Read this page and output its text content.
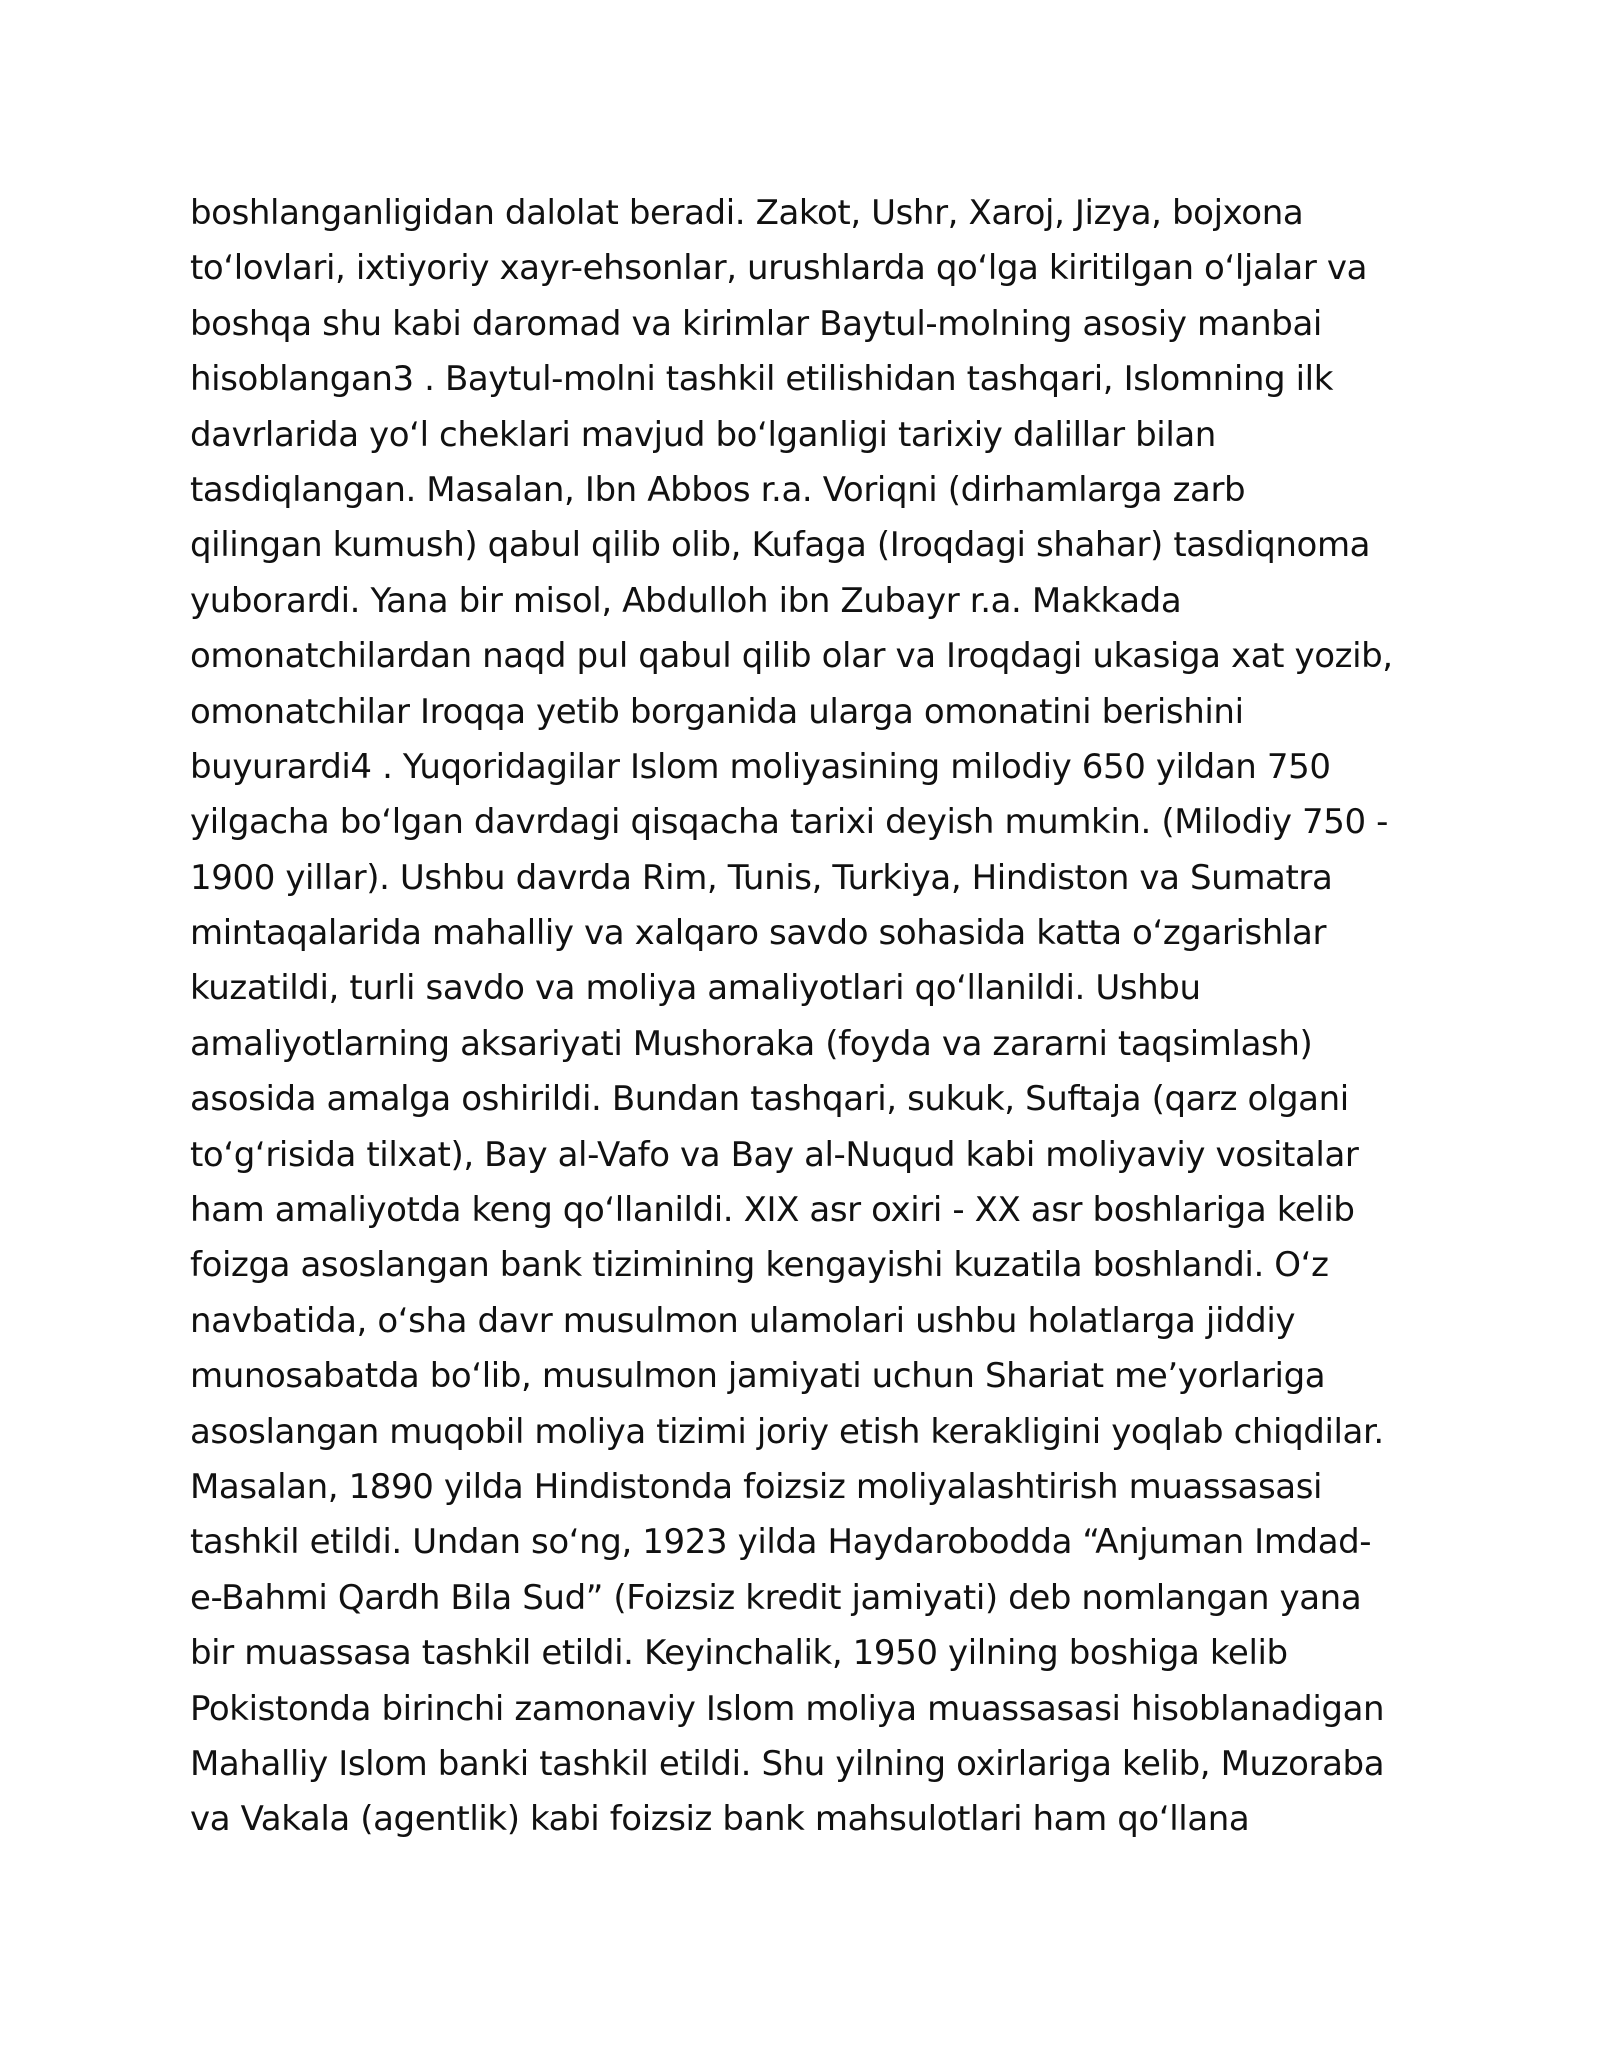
boshlanganligidan dalolat beradi. Zakot, Ushr, Xaroj, Jizya, bojxona
to‘lovlari, ixtiyoriy xayr-ehsonlar, urushlarda qo‘lga kiritilgan o‘ljalar va
boshqa shu kabi daromad va kirimlar Baytul-molning asosiy manbai
hisoblangan3 . Baytul-molni tashkil etilishidan tashqari, Islomning ilk
davrlarida yo‘l cheklari mavjud bo‘lganligi tarixiy dalillar bilan
tasdiqlangan. Masalan, Ibn Abbos r.a. Voriqni (dirhamlarga zarb
qilingan kumush) qabul qilib olib, Kufaga (Iroqdagi shahar) tasdiqnoma
yuborardi. Yana bir misol, Abdulloh ibn Zubayr r.a. Makkada
omonatchilardan naqd pul qabul qilib olar va Iroqdagi ukasiga xat yozib,
omonatchilar Iroqqa yetib borganida ularga omonatini berishini
buyurardi4 . Yuqoridagilar Islom moliyasining milodiy 650 yildan 750
yilgacha bo‘lgan davrdagi qisqacha tarixi deyish mumkin. (Milodiy 750 -
1900 yillar). Ushbu davrda Rim, Tunis, Turkiya, Hindiston va Sumatra
mintaqalarida mahalliy va xalqaro savdo sohasida katta o‘zgarishlar
kuzatildi, turli savdo va moliya amaliyotlari qo‘llanildi. Ushbu
amaliyotlarning aksariyati Mushoraka (foyda va zararni taqsimlash)
asosida amalga oshirildi. Bundan tashqari, sukuk, Suftaja (qarz olgani
to‘g‘risida tilxat), Bay al-Vafo va Bay al-Nuqud kabi moliyaviy vositalar
ham amaliyotda keng qo‘llanildi. XIX asr oxiri - XX asr boshlariga kelib
foizga asoslangan bank tizimining kengayishi kuzatila boshlandi. O‘z
navbatida, o‘sha davr musulmon ulamolari ushbu holatlarga jiddiy
munosabatda bo‘lib, musulmon jamiyati uchun Shariat me’yorlariga
asoslangan muqobil moliya tizimi joriy etish kerakligini yoqlab chiqdilar.
Masalan, 1890 yilda Hindistonda foizsiz moliyalashtirish muassasasi
tashkil etildi. Undan so‘ng, 1923 yilda Haydarobodda “Anjuman Imdad-
e-Bahmi Qardh Bila Sud” (Foizsiz kredit jamiyati) deb nomlangan yana
bir muassasa tashkil etildi. Keyinchalik, 1950 yilning boshiga kelib
Pokistonda birinchi zamonaviy Islom moliya muassasasi hisoblanadigan
Mahalliy Islom banki tashkil etildi. Shu yilning oxirlariga kelib, Muzoraba
va Vakala (agentlik) kabi foizsiz bank mahsulotlari ham qo‘llana
